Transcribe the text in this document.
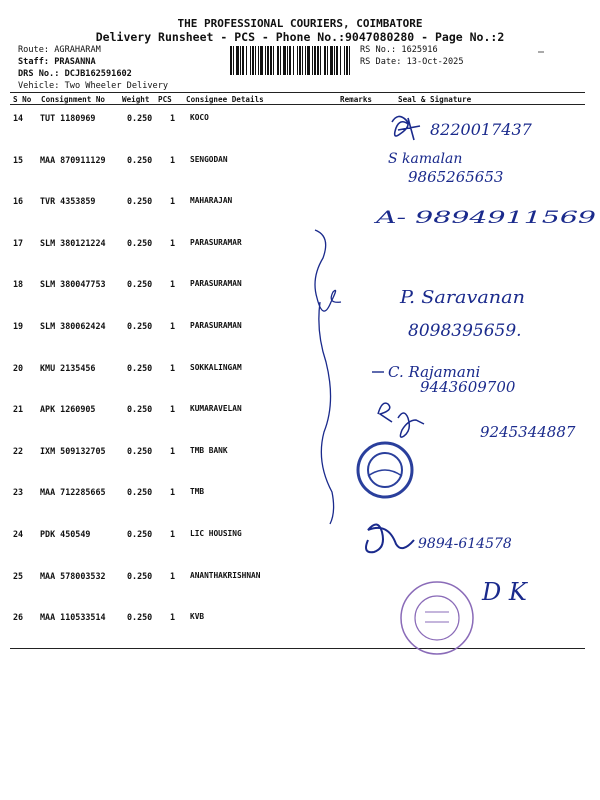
THE PROFESSIONAL COURIERS, COIMBATORE
Delivery Runsheet - PCS - Phone No.:9047080280 - Page No.:2
Route: AGRAHARAM
Staff: PRASANNA
DRS No.: DCJB162591602
Vehicle: Two Wheeler Delivery
RS No.: 1625916
RS Date: 13-Oct-2025
S No Consignment No Weight PCS Consignee Details	Remarks	Seal & Signature
14 TUT 1180969	0.250 1 KOCO
15 MAA 870911129	0.250 1 SENGODAN
16 TVR 4353859	0.250 1 MAHARAJAN
17 SLM 380121224	0.250 1 PARASURAMAR
18 SLM 380047753	0.250 1 PARASURAMAN
19 SLM 380062424	0.250 1 PARASURAMAN
20 KMU 2135456	0.250 1 SOKKALINGAM
21 APK 1260905	0.250 1 KUMARAVELAN
22 IXM 509132705	0.250 1 TMB BANK
23 MAA 712285665	0.250 1 TMB
24 PDK 450549	0.250 1 LIC HOUSING
25 MAA 578003532	0.250 1 ANANTHAKRISHNAN
26 MAA 110533514	0.250 1 KVB
8220017437
S kamalan
9865265653
A- 9894911569
P. Saravanan
8098395659.
C. Rajamani
9443609700
9245344887
9894-614578
D K
